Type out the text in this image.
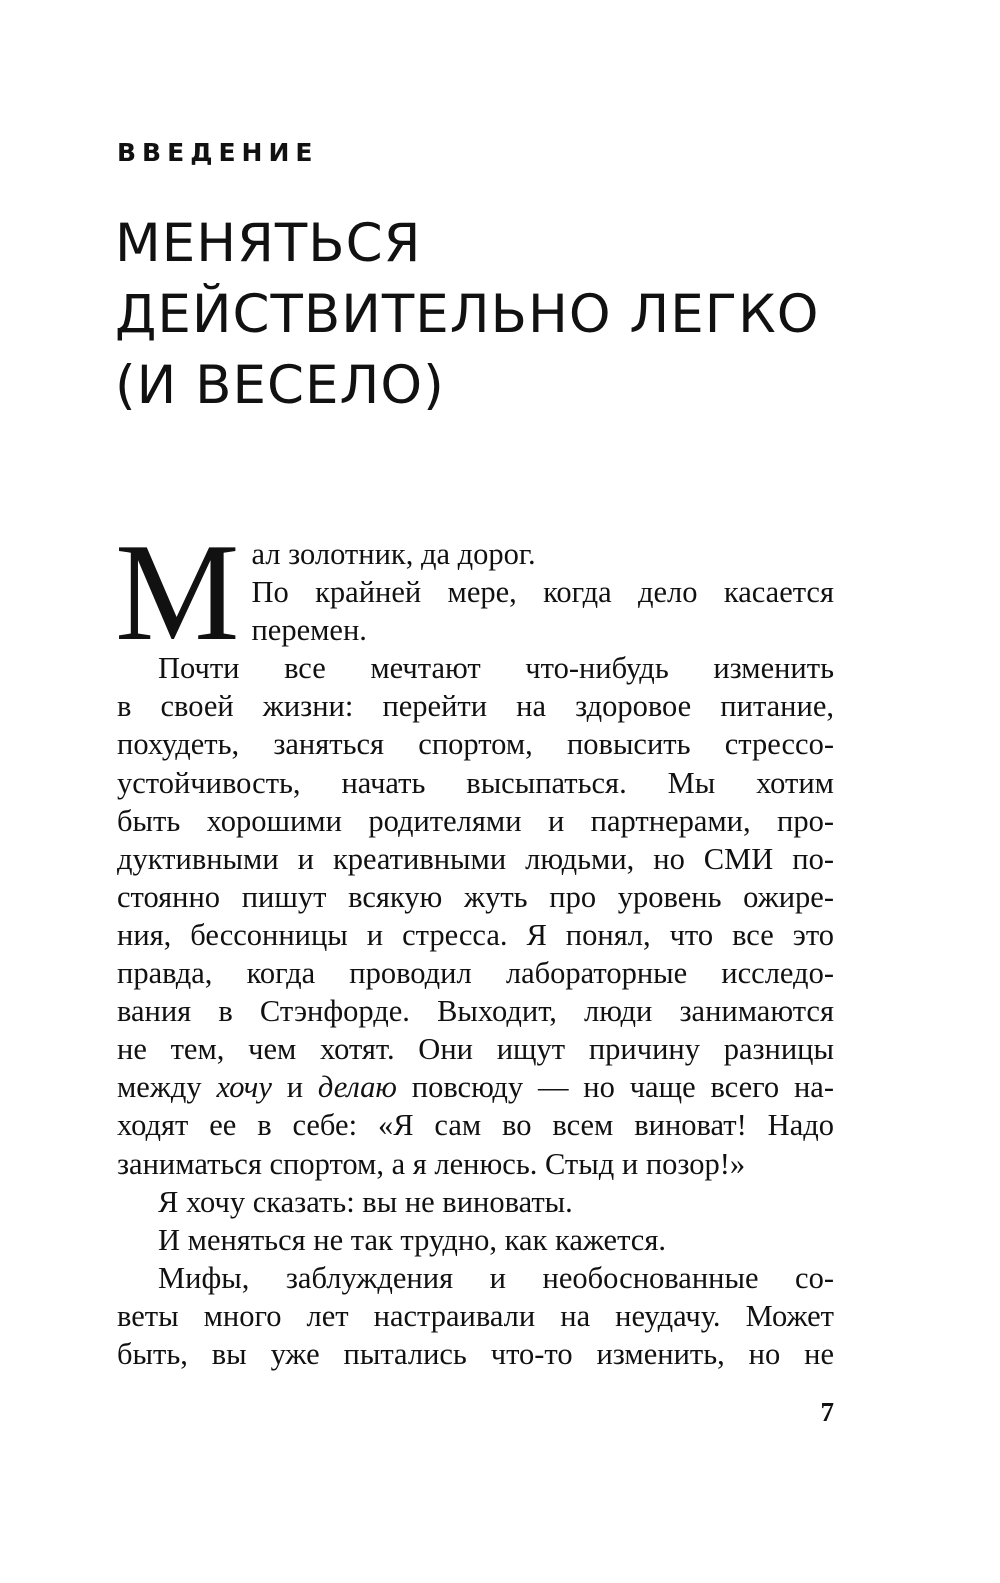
ВВЕДЕНИЕ
МЕНЯТЬСЯ
ДЕЙСТВИТЕЛЬНО ЛЕГКО
(И ВЕСЕЛО)
М ал золотник, да дорог.
По крайней мере, когда дело касается
перемен.
Почти все мечтают что-нибудь изменить
в своей жизни: перейти на здоровое питание,
похудеть, заняться спортом, повысить стрессо-
устойчивость, начать высыпаться. Мы хотим
быть хорошими родителями и партнерами, про-
дуктивными и креативными людьми, но СМИ по-
стоянно пишут всякую жуть про уровень ожире-
ния, бессонницы и стресса. Я понял, что все это
правда, когда проводил лабораторные исследо-
вания в Стэнфорде. Выходит, люди занимаются
не тем, чем хотят. Они ищут причину разницы
между хочу и делаю повсюду — но чаще всего на-
ходят ее в себе: «Я сам во всем виноват! Надо
заниматься спортом, а я ленюсь. Стыд и позор!»
Я хочу сказать: вы не виноваты.
И меняться не так трудно, как кажется.
Мифы, заблуждения и необоснованные со-
веты много лет настраивали на неудачу. Может
быть, вы уже пытались что-то изменить, но не

7
